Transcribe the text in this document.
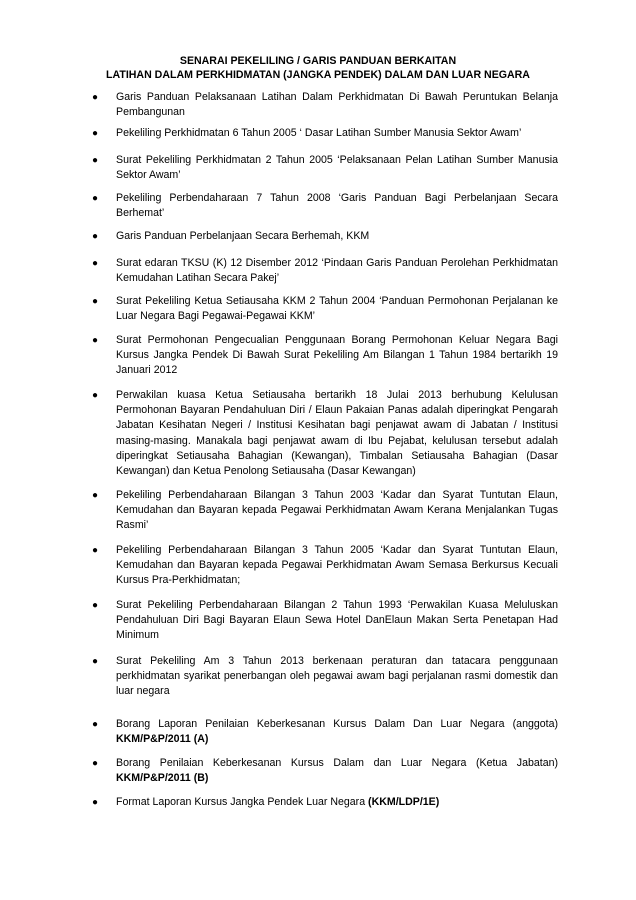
SENARAI PEKELILING / GARIS PANDUAN BERKAITAN
LATIHAN DALAM PERKHIDMATAN (JANGKA PENDEK) DALAM DAN LUAR NEGARA
● Garis Panduan Pelaksanaan Latihan Dalam Perkhidmatan Di Bawah Peruntukan Belanja Pembangunan
● Pekeliling Perkhidmatan 6 Tahun 2005 ‘ Dasar Latihan Sumber Manusia Sektor Awam’
● Surat Pekeliling Perkhidmatan 2 Tahun 2005 ‘Pelaksanaan Pelan Latihan Sumber Manusia Sektor Awam’
● Pekeliling Perbendaharaan 7 Tahun 2008 ‘Garis Panduan Bagi Perbelanjaan Secara Berhemat’
● Garis Panduan Perbelanjaan Secara Berhemah, KKM
● Surat edaran TKSU (K) 12 Disember 2012 ‘Pindaan Garis Panduan Perolehan Perkhidmatan Kemudahan Latihan Secara Pakej’
● Surat Pekeliling Ketua Setiausaha KKM 2 Tahun 2004 ‘Panduan Permohonan Perjalanan ke Luar Negara Bagi Pegawai-Pegawai KKM’
● Surat Permohonan Pengecualian Penggunaan Borang Permohonan Keluar Negara Bagi Kursus Jangka Pendek Di Bawah Surat Pekeliling Am Bilangan 1 Tahun 1984 bertarikh 19 Januari 2012
● Perwakilan kuasa Ketua Setiausaha bertarikh 18 Julai 2013 berhubung Kelulusan Permohonan Bayaran Pendahuluan Diri / Elaun Pakaian Panas adalah diperingkat Pengarah Jabatan Kesihatan Negeri / Institusi Kesihatan bagi penjawat awam di Jabatan / Institusi masing-masing. Manakala bagi penjawat awam di Ibu Pejabat, kelulusan tersebut adalah diperingkat Setiausaha Bahagian (Kewangan), Timbalan Setiausaha Bahagian (Dasar Kewangan) dan Ketua Penolong Setiausaha (Dasar Kewangan)
● Pekeliling Perbendaharaan Bilangan 3 Tahun 2003 ‘Kadar dan Syarat Tuntutan Elaun, Kemudahan dan Bayaran kepada Pegawai Perkhidmatan Awam Kerana Menjalankan Tugas Rasmi’
● Pekeliling Perbendaharaan Bilangan 3 Tahun 2005 ‘Kadar dan Syarat Tuntutan Elaun, Kemudahan dan Bayaran kepada Pegawai Perkhidmatan Awam Semasa Berkursus Kecuali Kursus Pra-Perkhidmatan;
● Surat Pekeliling Perbendaharaan Bilangan 2 Tahun 1993 ‘Perwakilan Kuasa Meluluskan Pendahuluan Diri Bagi Bayaran Elaun Sewa Hotel DanElaun Makan Serta Penetapan Had Minimum
● Surat Pekeliling Am 3 Tahun 2013 berkenaan peraturan dan tatacara penggunaan perkhidmatan syarikat penerbangan oleh pegawai awam bagi perjalanan rasmi domestik dan luar negara
● Borang Laporan Penilaian Keberkesanan Kursus Dalam Dan Luar Negara (anggota) KKM/P&P/2011 (A)
● Borang Penilaian Keberkesanan Kursus Dalam dan Luar Negara (Ketua Jabatan) KKM/P&P/2011 (B)
● Format Laporan Kursus Jangka Pendek Luar Negara (KKM/LDP/1E)
